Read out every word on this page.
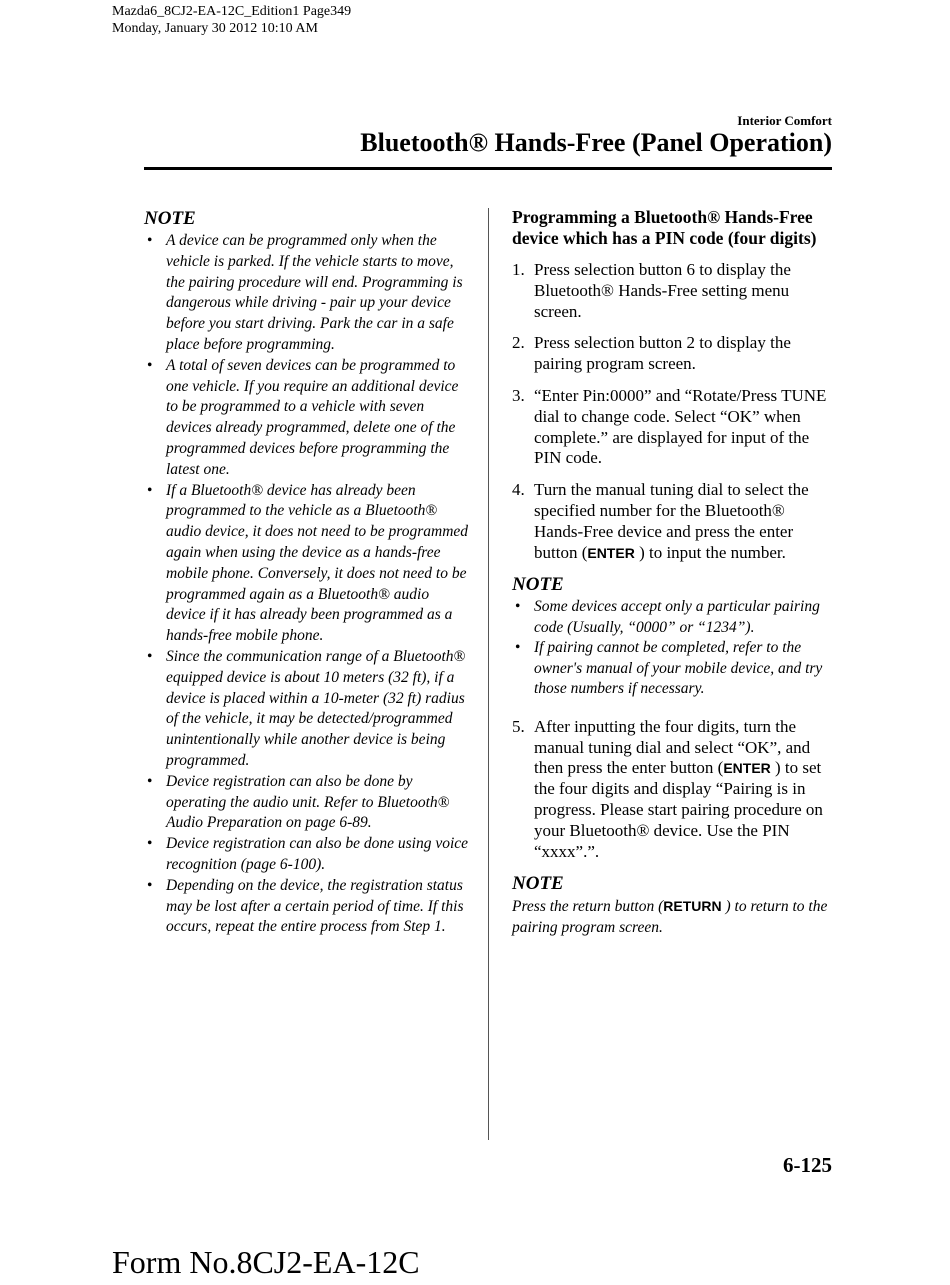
Mazda6_8CJ2-EA-12C_Edition1 Page349
Monday, January 30 2012 10:10 AM
Interior Comfort
Bluetooth® Hands-Free (Panel Operation)
NOTE
• A device can be programmed only when the vehicle is parked. If the vehicle starts to move, the pairing procedure will end. Programming is dangerous while driving - pair up your device before you start driving. Park the car in a safe place before programming.
• A total of seven devices can be programmed to one vehicle. If you require an additional device to be programmed to a vehicle with seven devices already programmed, delete one of the programmed devices before programming the latest one.
• If a Bluetooth® device has already been programmed to the vehicle as a Bluetooth® audio device, it does not need to be programmed again when using the device as a hands-free mobile phone. Conversely, it does not need to be programmed again as a Bluetooth® audio device if it has already been programmed as a hands-free mobile phone.
• Since the communication range of a Bluetooth® equipped device is about 10 meters (32 ft), if a device is placed within a 10-meter (32 ft) radius of the vehicle, it may be detected/programmed unintentionally while another device is being programmed.
• Device registration can also be done by operating the audio unit. Refer to Bluetooth® Audio Preparation on page 6-89.
• Device registration can also be done using voice recognition (page 6-100).
• Depending on the device, the registration status may be lost after a certain period of time. If this occurs, repeat the entire process from Step 1.
Programming a Bluetooth® Hands-Free device which has a PIN code (four digits)
1. Press selection button 6 to display the Bluetooth® Hands-Free setting menu screen.
2. Press selection button 2 to display the pairing program screen.
3. “Enter Pin:0000” and “Rotate/Press TUNE dial to change code. Select “OK” when complete.” are displayed for input of the PIN code.
4. Turn the manual tuning dial to select the specified number for the Bluetooth® Hands-Free device and press the enter button (ENTER ) to input the number.
NOTE
• Some devices accept only a particular pairing code (Usually, “0000” or “1234”).
• If pairing cannot be completed, refer to the owner's manual of your mobile device, and try those numbers if necessary.
5. After inputting the four digits, turn the manual tuning dial and select “OK”, and then press the enter button (ENTER ) to set the four digits and display “Pairing is in progress. Please start pairing procedure on your Bluetooth® device. Use the PIN “xxxx”.”.
NOTE
Press the return button (RETURN ) to return to the pairing program screen.
6-125
Form No.8CJ2-EA-12C
